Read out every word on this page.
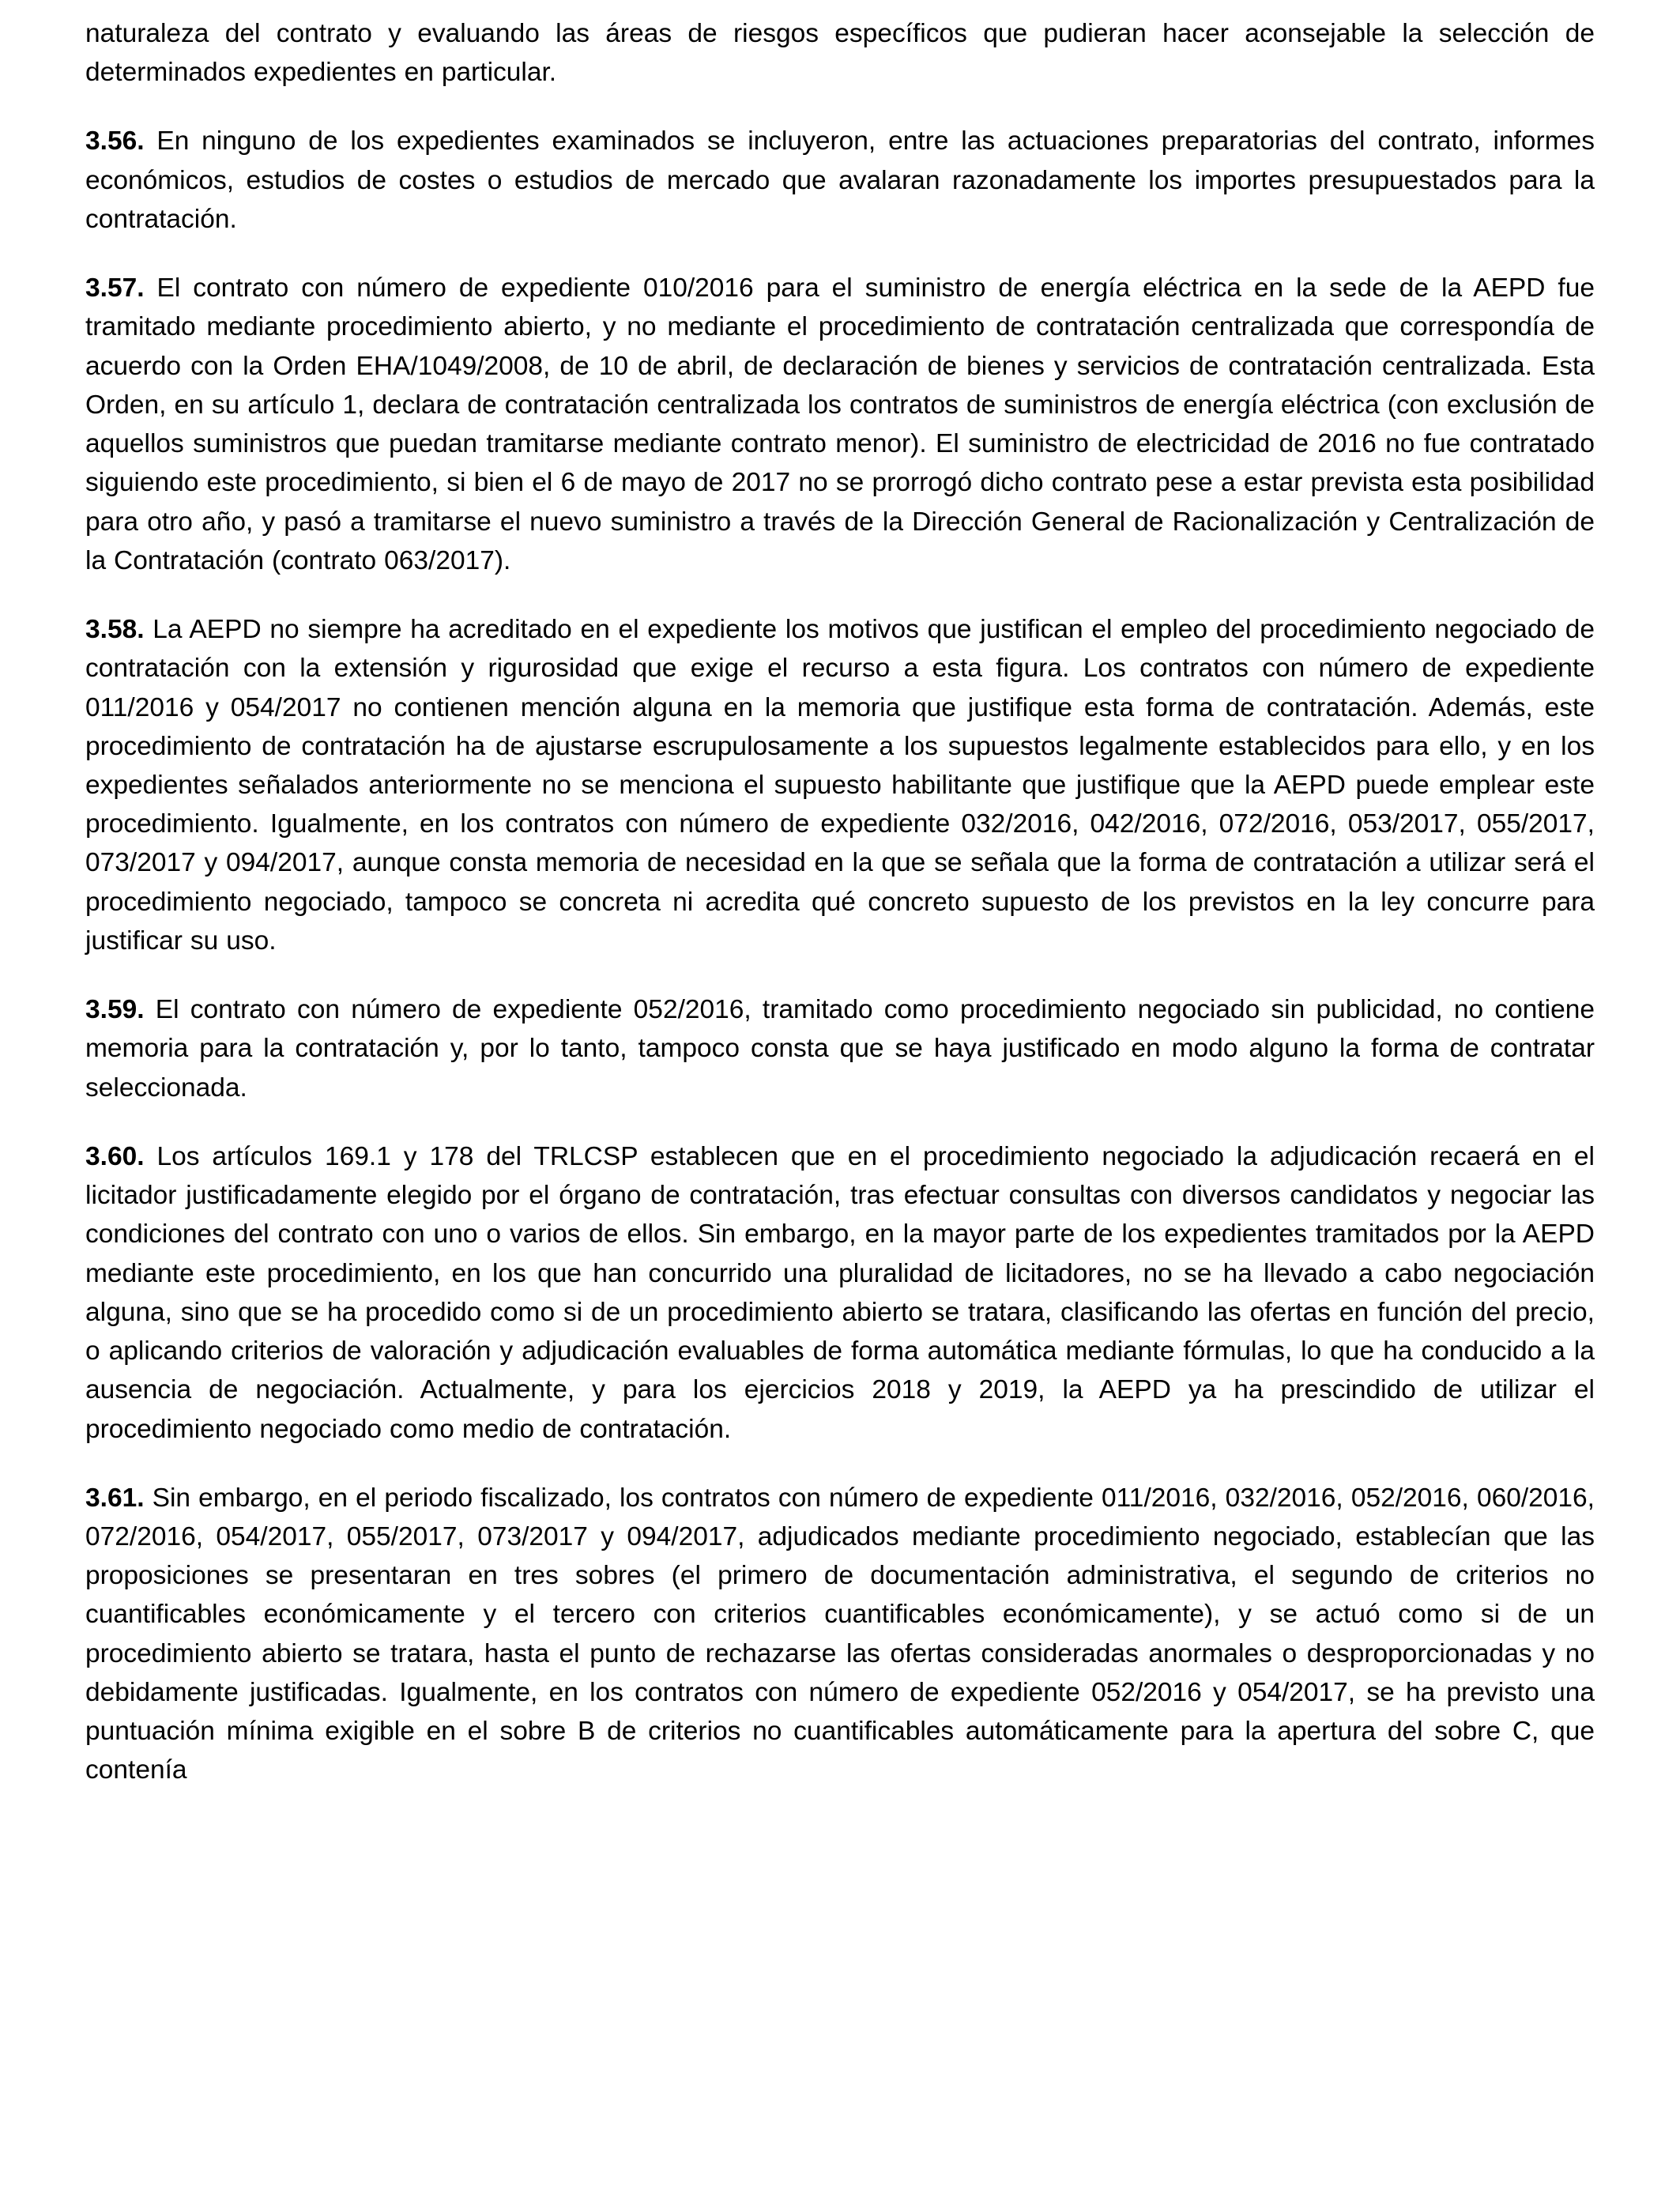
naturaleza del contrato y evaluando las áreas de riesgos específicos que pudieran hacer aconsejable la selección de determinados expedientes en particular.

3.56. En ninguno de los expedientes examinados se incluyeron, entre las actuaciones preparatorias del contrato, informes económicos, estudios de costes o estudios de mercado que avalaran razonadamente los importes presupuestados para la contratación.

3.57. El contrato con número de expediente 010/2016 para el suministro de energía eléctrica en la sede de la AEPD fue tramitado mediante procedimiento abierto, y no mediante el procedimiento de contratación centralizada que correspondía de acuerdo con la Orden EHA/1049/2008, de 10 de abril, de declaración de bienes y servicios de contratación centralizada. Esta Orden, en su artículo 1, declara de contratación centralizada los contratos de suministros de energía eléctrica (con exclusión de aquellos suministros que puedan tramitarse mediante contrato menor). El suministro de electricidad de 2016 no fue contratado siguiendo este procedimiento, si bien el 6 de mayo de 2017 no se prorrogó dicho contrato pese a estar prevista esta posibilidad para otro año, y pasó a tramitarse el nuevo suministro a través de la Dirección General de Racionalización y Centralización de la Contratación (contrato 063/2017).

3.58. La AEPD no siempre ha acreditado en el expediente los motivos que justifican el empleo del procedimiento negociado de contratación con la extensión y rigurosidad que exige el recurso a esta figura. Los contratos con número de expediente 011/2016 y 054/2017 no contienen mención alguna en la memoria que justifique esta forma de contratación. Además, este procedimiento de contratación ha de ajustarse escrupulosamente a los supuestos legalmente establecidos para ello, y en los expedientes señalados anteriormente no se menciona el supuesto habilitante que justifique que la AEPD puede emplear este procedimiento. Igualmente, en los contratos con número de expediente 032/2016, 042/2016, 072/2016, 053/2017, 055/2017, 073/2017 y 094/2017, aunque consta memoria de necesidad en la que se señala que la forma de contratación a utilizar será el procedimiento negociado, tampoco se concreta ni acredita qué concreto supuesto de los previstos en la ley concurre para justificar su uso.

3.59. El contrato con número de expediente 052/2016, tramitado como procedimiento negociado sin publicidad, no contiene memoria para la contratación y, por lo tanto, tampoco consta que se haya justificado en modo alguno la forma de contratar seleccionada.

3.60. Los artículos 169.1 y 178 del TRLCSP establecen que en el procedimiento negociado la adjudicación recaerá en el licitador justificadamente elegido por el órgano de contratación, tras efectuar consultas con diversos candidatos y negociar las condiciones del contrato con uno o varios de ellos. Sin embargo, en la mayor parte de los expedientes tramitados por la AEPD mediante este procedimiento, en los que han concurrido una pluralidad de licitadores, no se ha llevado a cabo negociación alguna, sino que se ha procedido como si de un procedimiento abierto se tratara, clasificando las ofertas en función del precio, o aplicando criterios de valoración y adjudicación evaluables de forma automática mediante fórmulas, lo que ha conducido a la ausencia de negociación. Actualmente, y para los ejercicios 2018 y 2019, la AEPD ya ha prescindido de utilizar el procedimiento negociado como medio de contratación.

3.61. Sin embargo, en el periodo fiscalizado, los contratos con número de expediente 011/2016, 032/2016, 052/2016, 060/2016, 072/2016, 054/2017, 055/2017, 073/2017 y 094/2017, adjudicados mediante procedimiento negociado, establecían que las proposiciones se presentaran en tres sobres (el primero de documentación administrativa, el segundo de criterios no cuantificables económicamente y el tercero con criterios cuantificables económicamente), y se actuó como si de un procedimiento abierto se tratara, hasta el punto de rechazarse las ofertas consideradas anormales o desproporcionadas y no debidamente justificadas. Igualmente, en los contratos con número de expediente 052/2016 y 054/2017, se ha previsto una puntuación mínima exigible en el sobre B de criterios no cuantificables automáticamente para la apertura del sobre C, que contenía
